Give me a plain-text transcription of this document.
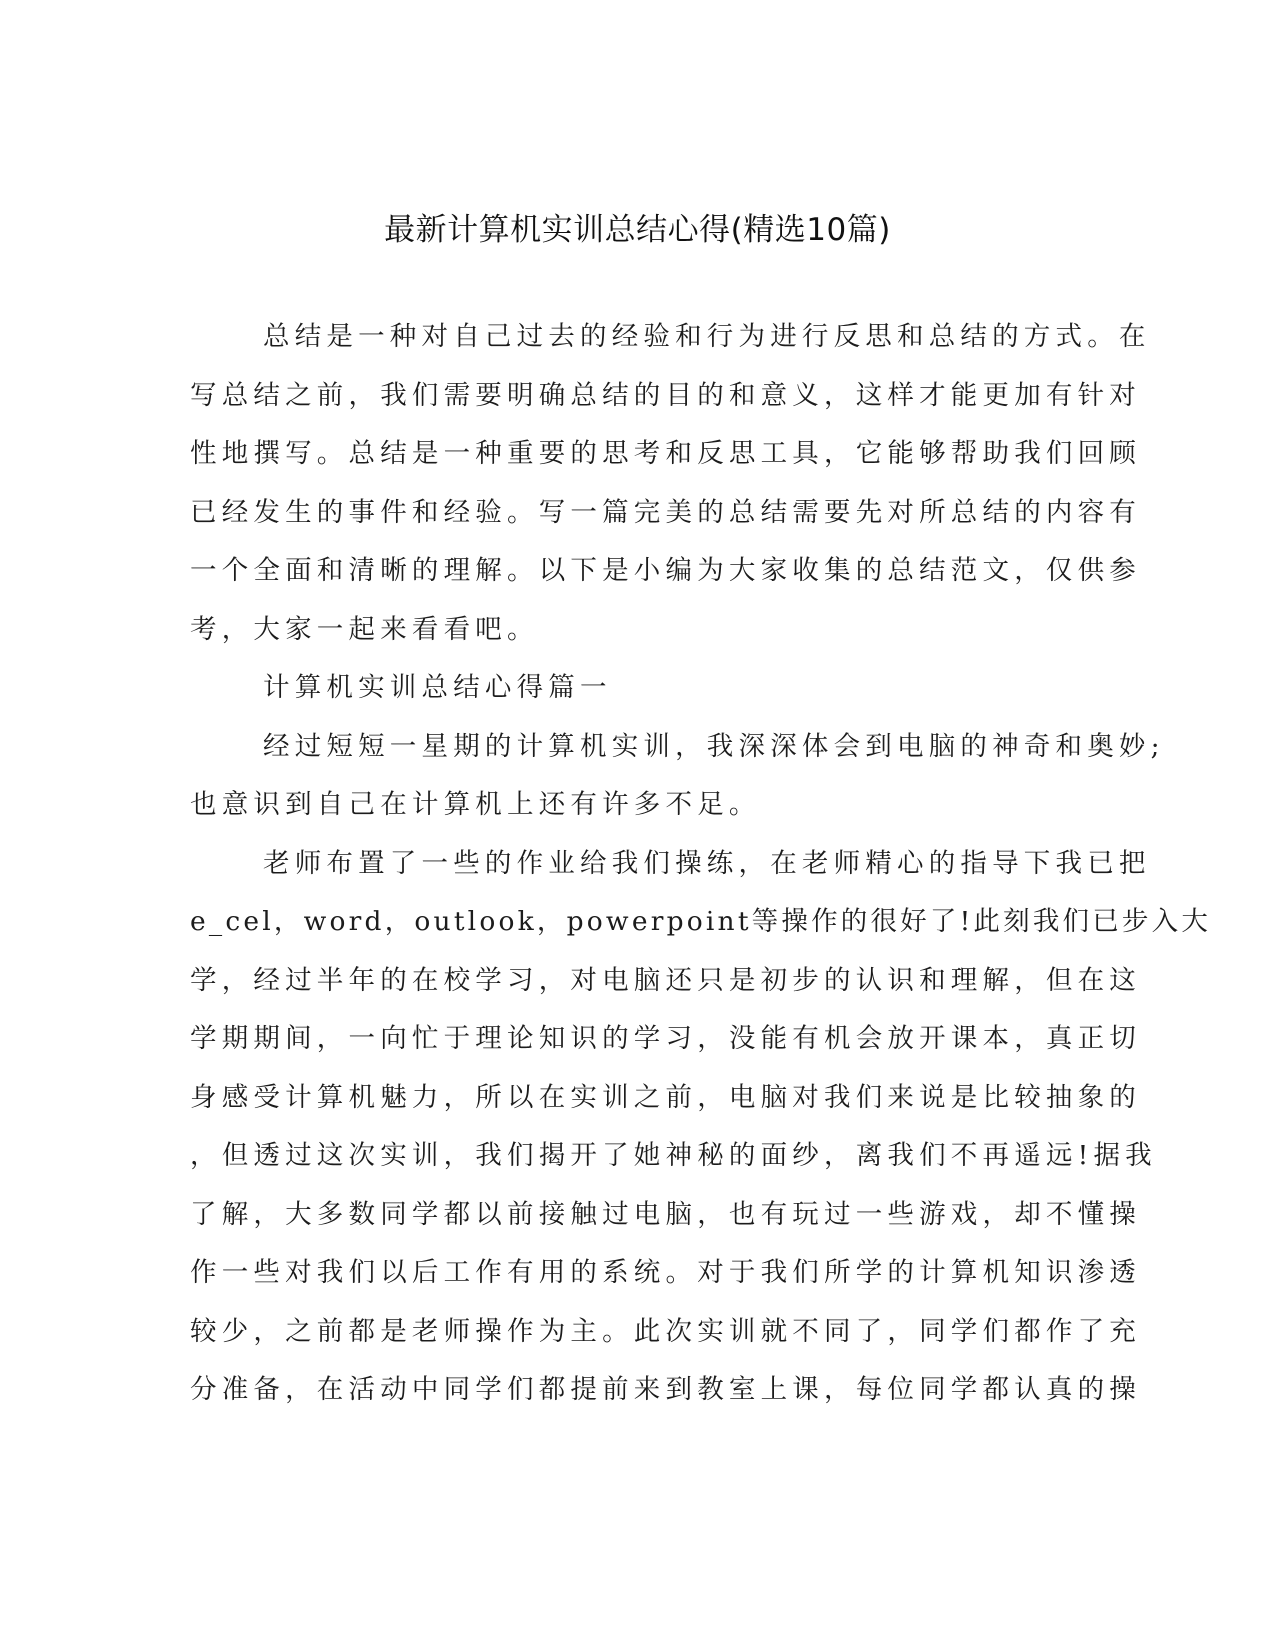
最新计算机实训总结心得(精选10篇)
总结是一种对自己过去的经验和行为进行反思和总结的方式。在
写总结之前，我们需要明确总结的目的和意义，这样才能更加有针对
性地撰写。总结是一种重要的思考和反思工具，它能够帮助我们回顾
已经发生的事件和经验。写一篇完美的总结需要先对所总结的内容有
一个全面和清晰的理解。以下是小编为大家收集的总结范文，仅供参
考，大家一起来看看吧。
计算机实训总结心得篇一
经过短短一星期的计算机实训，我深深体会到电脑的神奇和奥妙;
也意识到自己在计算机上还有许多不足。
老师布置了一些的作业给我们操练，在老师精心的指导下我已把
e_cel，word，outlook，powerpoint等操作的很好了!此刻我们已步入大
学，经过半年的在校学习，对电脑还只是初步的认识和理解，但在这
学期期间，一向忙于理论知识的学习，没能有机会放开课本，真正切
身感受计算机魅力，所以在实训之前，电脑对我们来说是比较抽象的
，但透过这次实训，我们揭开了她神秘的面纱，离我们不再遥远!据我
了解，大多数同学都以前接触过电脑，也有玩过一些游戏，却不懂操
作一些对我们以后工作有用的系统。对于我们所学的计算机知识渗透
较少，之前都是老师操作为主。此次实训就不同了，同学们都作了充
分准备，在活动中同学们都提前来到教室上课，每位同学都认真的操
